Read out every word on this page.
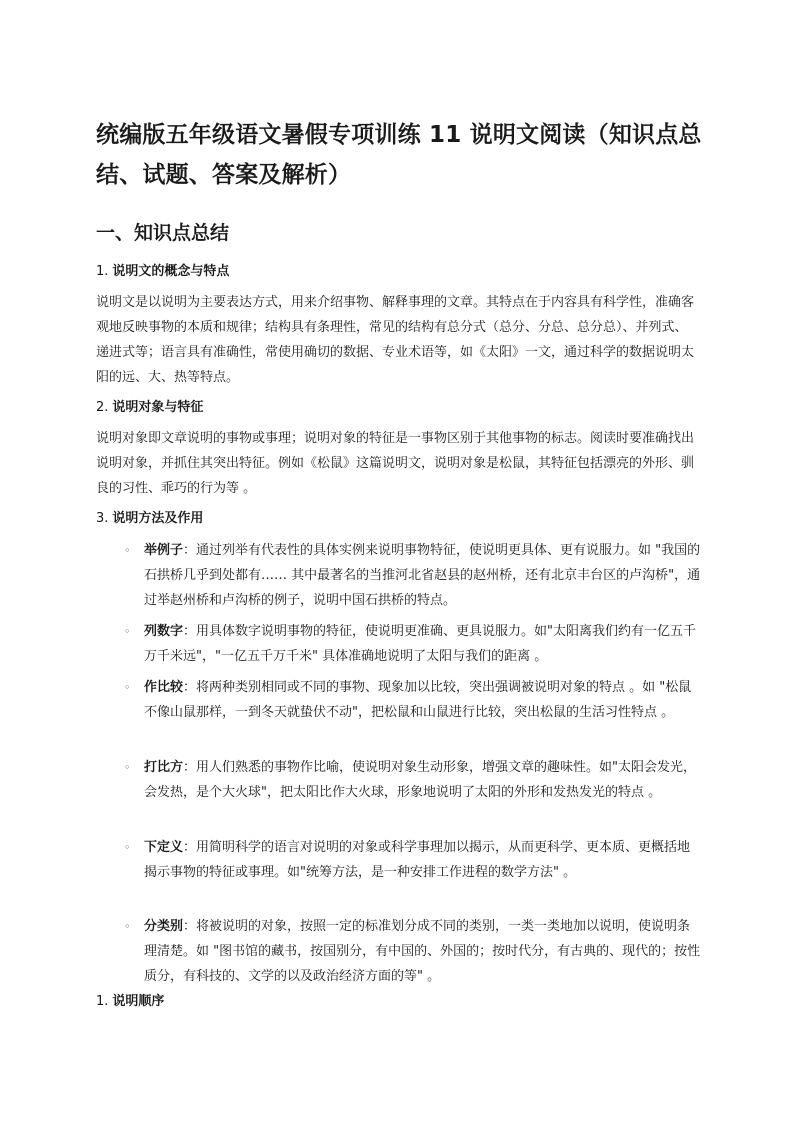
统编版五年级语文暑假专项训练 11 说明文阅读（知识点总结、试题、答案及解析）
一、知识点总结

1. 说明文的概念与特点

说明文是以说明为主要表达方式，用来介绍事物、解释事理的文章。其特点在于内容具有科学性，准确客观地反映事物的本质和规律；结构具有条理性，常见的结构有总分式（总分、分总、总分总）、并列式、递进式等；语言具有准确性，常使用确切的数据、专业术语等，如《太阳》一文，通过科学的数据说明太阳的远、大、热等特点。

2. 说明对象与特征

说明对象即文章说明的事物或事理；说明对象的特征是一事物区别于其他事物的标志。阅读时要准确找出说明对象，并抓住其突出特征。例如《松鼠》这篇说明文，说明对象是松鼠，其特征包括漂亮的外形、驯良的习性、乖巧的行为等 。

3. 说明方法及作用

◦ 举例子：通过列举有代表性的具体实例来说明事物特征，使说明更具体、更有说服力。如 "我国的石拱桥几乎到处都有…… 其中最著名的当推河北省赵县的赵州桥，还有北京丰台区的卢沟桥"，通过举赵州桥和卢沟桥的例子，说明中国石拱桥的特点。

◦ 列数字：用具体数字说明事物的特征，使说明更准确、更具说服力。如"太阳离我们约有一亿五千万千米远"，"一亿五千万千米" 具体准确地说明了太阳与我们的距离 。

◦ 作比较：将两种类别相同或不同的事物、现象加以比较，突出强调被说明对象的特点 。如 "松鼠不像山鼠那样，一到冬天就蛰伏不动"，把松鼠和山鼠进行比较，突出松鼠的生活习性特点 。

◦ 打比方：用人们熟悉的事物作比喻，使说明对象生动形象，增强文章的趣味性。如"太阳会发光，会发热，是个大火球"，把太阳比作大火球，形象地说明了太阳的外形和发热发光的特点 。

◦ 下定义：用简明科学的语言对说明的对象或科学事理加以揭示，从而更科学、更本质、更概括地揭示事物的特征或事理。如"统筹方法，是一种安排工作进程的数学方法" 。

◦ 分类别：将被说明的对象，按照一定的标准划分成不同的类别，一类一类地加以说明，使说明条理清楚。如 "图书馆的藏书，按国别分，有中国的、外国的；按时代分，有古典的、现代的；按性质分，有科技的、文学的以及政治经济方面的等" 。

1. 说明顺序
